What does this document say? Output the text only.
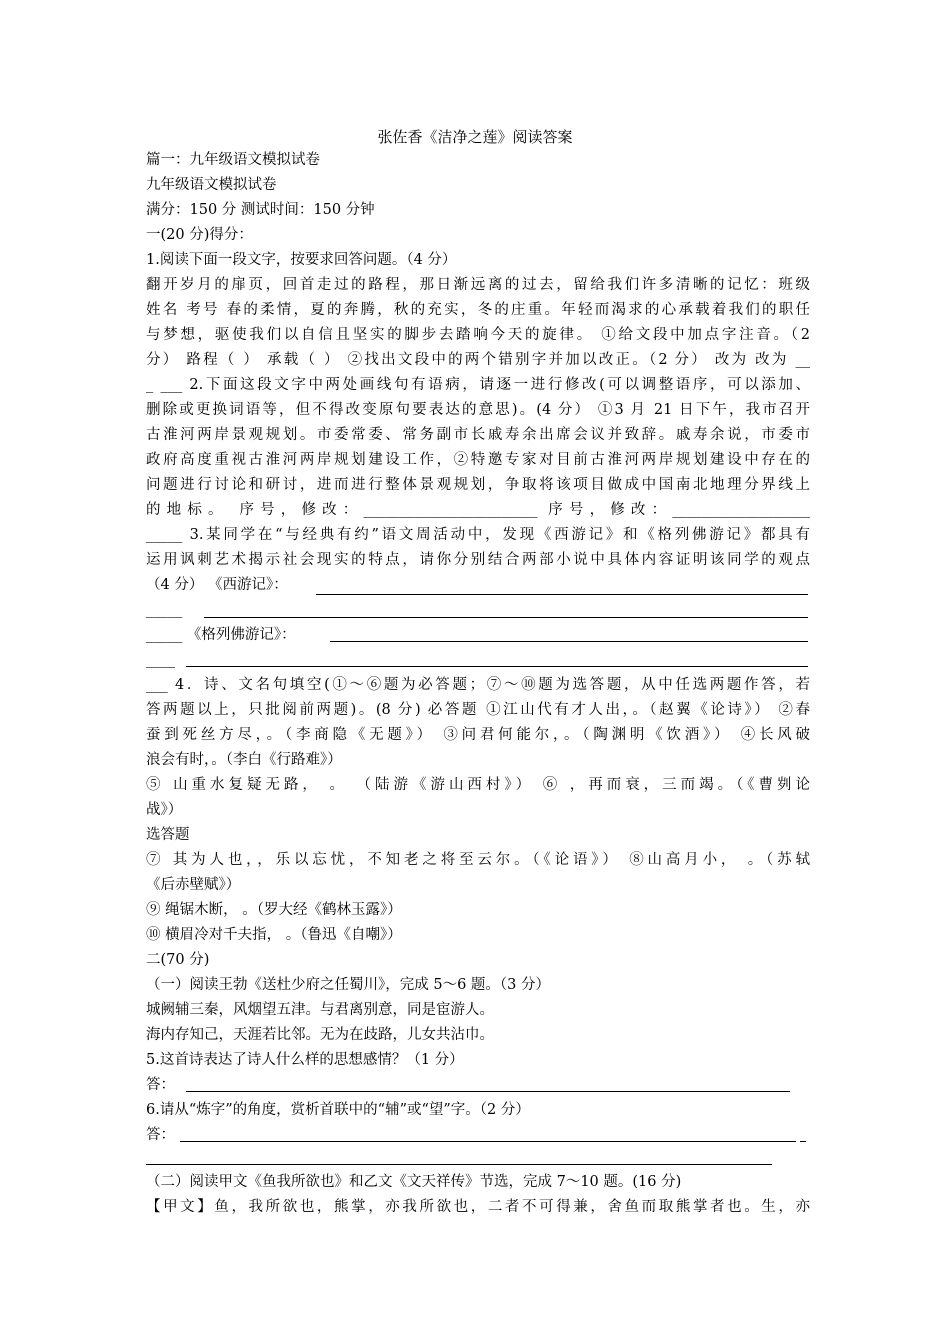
张佐香《洁净之莲》阅读答案
篇一：九年级语文模拟试卷
九年级语文模拟试卷
满分：150 分 测试时间：150 分钟
一(20 分)得分：
1.阅读下面一段文字，按要求回答问题。（4 分）
翻开岁月的扉页，回首走过的路程，那日渐远离的过去，留给我们许多清晰的记忆：班级
姓名 考号 春的柔情，夏的奔腾，秋的充实，冬的庄重。年轻而渴求的心承载着我们的职任
与梦想，驱使我们以自信且坚实的脚步去踏响今天的旋律。 ①给文段中加点字注音。（2
分） 路程（ ） 承载（ ） ②找出文段中的两个错别字并加以改正。（2 分） 改为 改为 __
_ ___ 2.下面这段文字中两处画线句有语病，请逐一进行修改(可以调整语序，可以添加、
删除或更换词语等，但不得改变原句要表达的意思)。(4 分） ①3 月 21 日下午，我市召开
古淮河两岸景观规划。市委常委、常务副市长戚寿余出席会议并致辞。戚寿余说，市委市
政府高度重视古淮河两岸规划建设工作，②特邀专家对目前古淮河两岸规划建设中存在的
问题进行讨论和研讨，进而进行整体景观规划，争取将该项目做成中国南北地理分界线上
的地标。 序号，修改：________________________ 序号，修改：___________________
_____ 3.某同学在“与经典有约”语文周活动中，发现《西游记》和《格列佛游记》都具有
运用讽刺艺术揭示社会现实的特点，请你分别结合两部小说中具体内容证明该同学的观点
（4 分） 《西游记》：
_____
_____ 《格列佛游记》：
____
___ 4．诗、文名句填空(①～⑥题为必答题；⑦～⑩题为选答题，从中任选两题作答，若
答两题以上，只批阅前两题)。(8 分) 必答题 ①江山代有才人出，。（赵翼《论诗》） ②春
蚕到死丝方尽，。（李商隐《无题》） ③问君何能尔，。（陶渊明《饮酒》） ④长风破
浪会有时，。（李白《行路难》）
⑤ 山重水复疑无路， 。 （陆游《游山西村》） ⑥ ，再而衰，三而竭。（《曹刿论
战》）
选答题
⑦ 其为人也，，乐以忘忧，不知老之将至云尔。（《论语》） ⑧山高月小， 。（苏轼
《后赤壁赋》）
⑨ 绳锯木断， 。（罗大经《鹤林玉露》）
⑩ 横眉冷对千夫指， 。（鲁迅《自嘲》）
二(70 分)
（一）阅读王勃《送杜少府之任蜀川》，完成 5～6 题。（3 分）
城阙辅三秦，风烟望五津。与君离别意，同是宦游人。
海内存知己，天涯若比邻。无为在歧路，儿女共沾巾。
5.这首诗表达了诗人什么样的思想感情？（1 分）
答：
6.请从“炼字”的角度，赏析首联中的“辅”或“望”字。（2 分）
答：
（二）阅读甲文《鱼我所欲也》和乙文《文天祥传》节选，完成 7～10 题。(16 分)
【甲文】鱼，我所欲也，熊掌，亦我所欲也，二者不可得兼，舍鱼而取熊掌者也。生，亦
